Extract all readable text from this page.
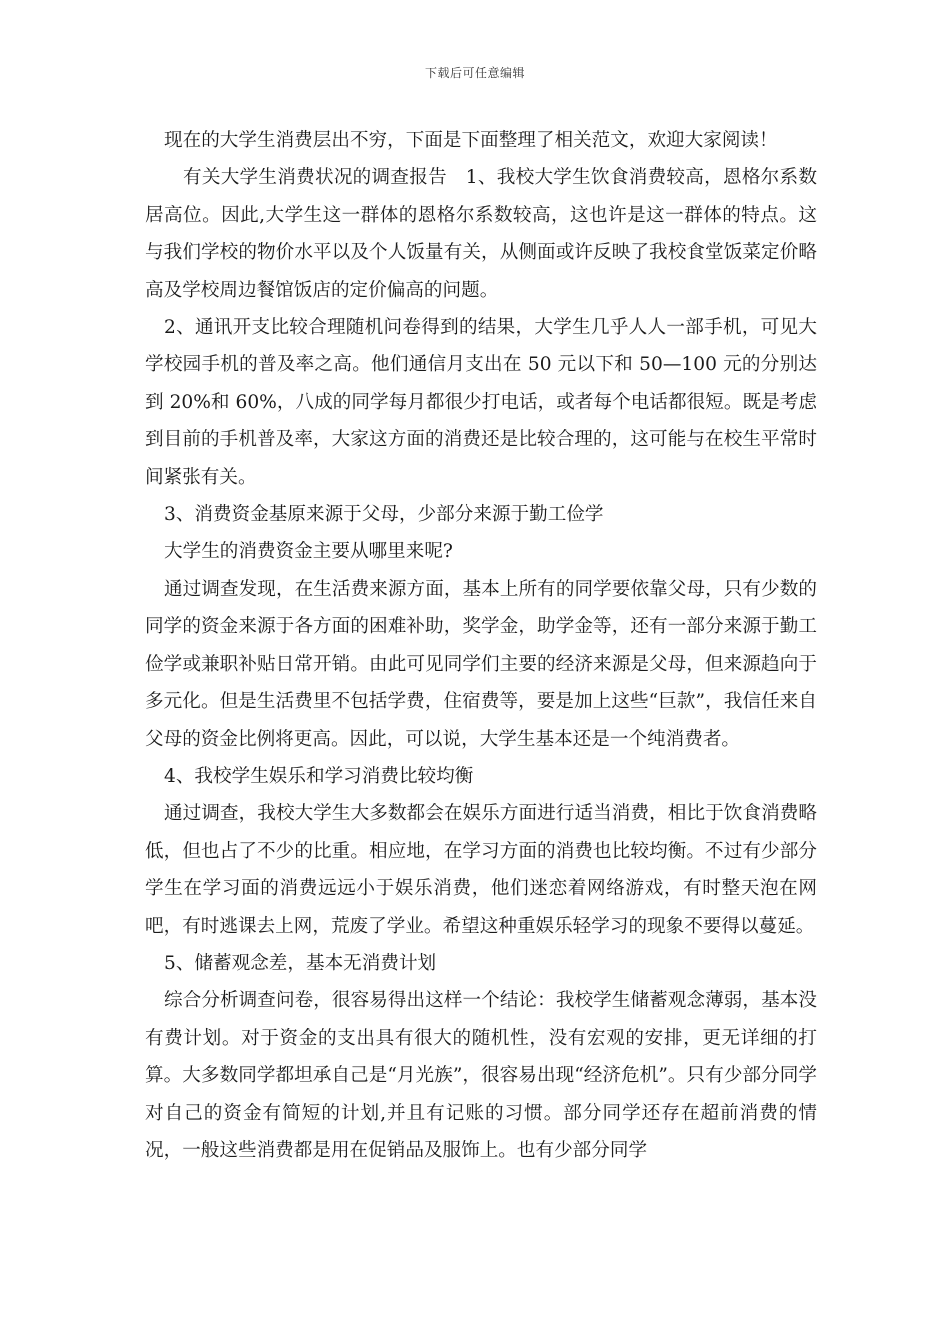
下载后可任意编辑

现在的大学生消费层出不穷，下面是下面整理了相关范文，欢迎大家阅读！

有关大学生消费状况的调查报告　1、我校大学生饮食消费较高，恩格尔系数居高位。因此,大学生这一群体的恩格尔系数较高，这也许是这一群体的特点。这与我们学校的物价水平以及个人饭量有关，从侧面或许反映了我校食堂饭菜定价略高及学校周边餐馆饭店的定价偏高的问题。

2、通讯开支比较合理随机问卷得到的结果，大学生几乎人人一部手机，可见大学校园手机的普及率之高。他们通信月支出在 50 元以下和 50—100 元的分别达到 20%和 60%，八成的同学每月都很少打电话，或者每个电话都很短。既是考虑到目前的手机普及率，大家这方面的消费还是比较合理的，这可能与在校生平常时间紧张有关。

3、消费资金基原来源于父母，少部分来源于勤工俭学

大学生的消费资金主要从哪里来呢?

通过调查发现，在生活费来源方面，基本上所有的同学要依靠父母，只有少数的同学的资金来源于各方面的困难补助，奖学金，助学金等，还有一部分来源于勤工俭学或兼职补贴日常开销。由此可见同学们主要的经济来源是父母，但来源趋向于多元化。但是生活费里不包括学费，住宿费等，要是加上这些“巨款”，我信任来自父母的资金比例将更高。因此，可以说，大学生基本还是一个纯消费者。

4、我校学生娱乐和学习消费比较均衡

通过调查，我校大学生大多数都会在娱乐方面进行适当消费，相比于饮食消费略低，但也占了不少的比重。相应地，在学习方面的消费也比较均衡。不过有少部分学生在学习面的消费远远小于娱乐消费，他们迷恋着网络游戏，有时整天泡在网吧，有时逃课去上网，荒废了学业。希望这种重娱乐轻学习的现象不要得以蔓延。

5、储蓄观念差，基本无消费计划

综合分析调查问卷，很容易得出这样一个结论：我校学生储蓄观念薄弱，基本没有费计划。对于资金的支出具有很大的随机性，没有宏观的安排，更无详细的打算。大多数同学都坦承自己是“月光族”，很容易出现“经济危机”。只有少部分同学对自己的资金有简短的计划,并且有记账的习惯。部分同学还存在超前消费的情况，一般这些消费都是用在促销品及服饰上。也有少部分同学
